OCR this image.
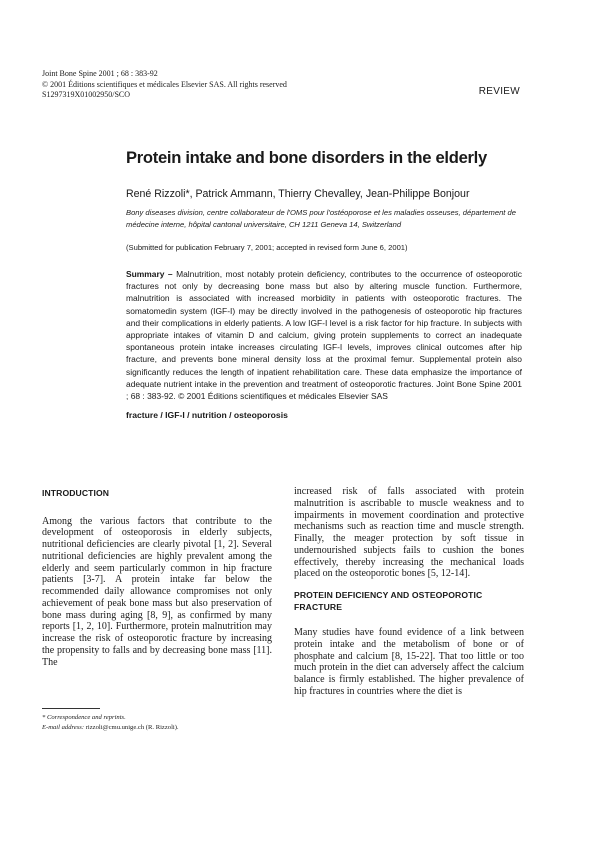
Joint Bone Spine 2001 ; 68 : 383-92
© 2001 Éditions scientifiques et médicales Elsevier SAS. All rights reserved
S1297319X01002950/SCO	REVIEW
Protein intake and bone disorders in the elderly
René Rizzoli*, Patrick Ammann, Thierry Chevalley, Jean-Philippe Bonjour
Bony diseases division, centre collaborateur de l'OMS pour l'ostéoporose et les maladies osseuses, département de médecine interne, hôpital cantonal universitaire, CH 1211 Geneva 14, Switzerland
(Submitted for publication February 7, 2001; accepted in revised form June 6, 2001)
Summary – Malnutrition, most notably protein deficiency, contributes to the occurrence of osteoporotic fractures not only by decreasing bone mass but also by altering muscle function. Furthermore, malnutrition is associated with increased morbidity in patients with osteoporotic fractures. The somatomedin system (IGF-I) may be directly involved in the pathogenesis of osteoporotic hip fractures and their complications in elderly patients. A low IGF-I level is a risk factor for hip fracture. In subjects with appropriate intakes of vitamin D and calcium, giving protein supplements to correct an inadequate spontaneous protein intake increases circulating IGF-I levels, improves clinical outcomes after hip fracture, and prevents bone mineral density loss at the proximal femur. Supplemental protein also significantly reduces the length of inpatient rehabilitation care. These data emphasize the importance of adequate nutrient intake in the prevention and treatment of osteoporotic fractures. Joint Bone Spine 2001 ; 68 : 383-92. © 2001 Éditions scientifiques et médicales Elsevier SAS
fracture / IGF-I / nutrition / osteoporosis
INTRODUCTION

Among the various factors that contribute to the development of osteoporosis in elderly subjects, nutritional deficiencies are clearly pivotal [1, 2]. Several nutritional deficiencies are highly prevalent among the elderly and seem particularly common in hip fracture patients [3-7]. A protein intake far below the recommended daily allowance compromises not only achievement of peak bone mass but also preservation of bone mass during aging [8, 9], as confirmed by many reports [1, 2, 10]. Furthermore, protein malnutrition may increase the risk of osteoporotic fracture by increasing the propensity to falls and by decreasing bone mass [11]. The

increased risk of falls associated with protein malnutrition is ascribable to muscle weakness and to impairments in movement coordination and protective mechanisms such as reaction time and muscle strength. Finally, the meager protection by soft tissue in undernourished subjects fails to cushion the bones effectively, thereby increasing the mechanical loads placed on the osteoporotic bones [5, 12-14].

PROTEIN DEFICIENCY AND OSTEOPOROTIC FRACTURE

Many studies have found evidence of a link between protein intake and the metabolism of bone or of phosphate and calcium [8, 15-22]. That too little or too much protein in the diet can adversely affect the calcium balance is firmly established. The higher prevalence of hip fractures in countries where the diet is

* Correspondence and reprints.
E-mail address: rizzoli@cmu.unige.ch (R. Rizzoli).
